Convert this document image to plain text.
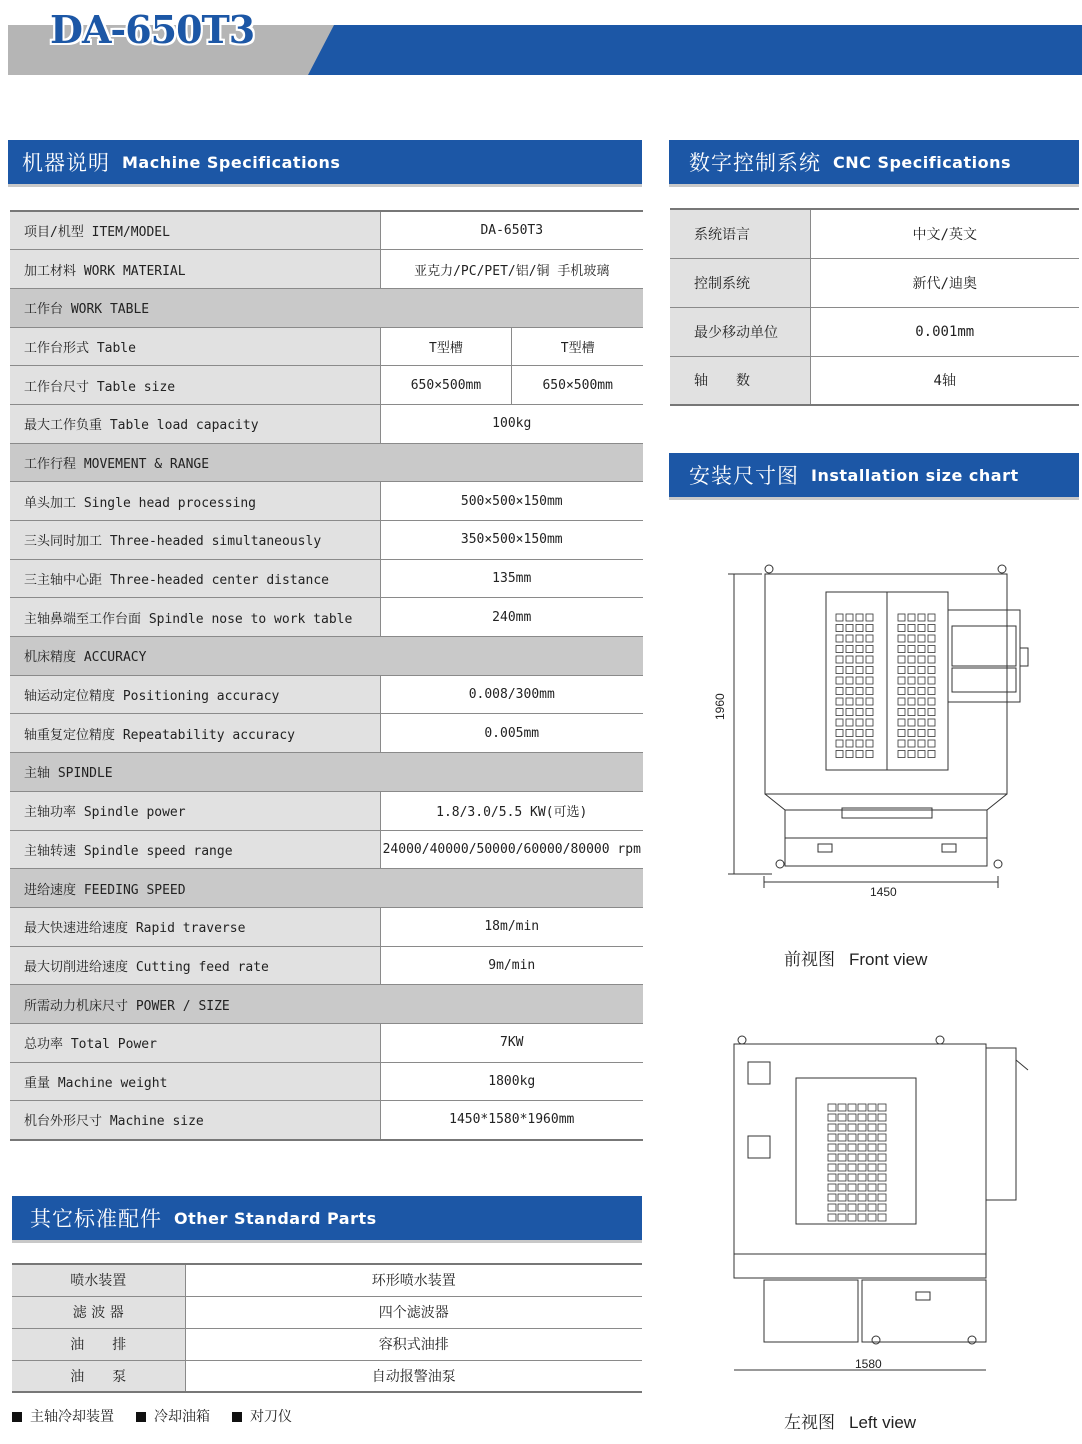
DA-650T3
机器说明 Machine Specifications
项目/机型 ITEM/MODEL	DA-650T3	
加工材料 WORK MATERIAL	亚克力/PC/PET/铝/铜 手机玻璃	
工作台 WORK TABLE		
工作台形式 Table	T型槽	T型槽
工作台尺寸 Table size	650×500mm	650×500mm
最大工作负重 Table load capacity	100kg	
工作行程 MOVEMENT & RANGE		
单头加工 Single head processing	500×500×150mm	
三头同时加工 Three-headed simultaneously	350×500×150mm	
三主轴中心距 Three-headed center distance	135mm	
主轴鼻端至工作台面 Spindle nose to work table	240mm	
机床精度 ACCURACY		
轴运动定位精度 Positioning accuracy	0.008/300mm	
轴重复定位精度 Repeatability accuracy	0.005mm	
主轴 SPINDLE		
主轴功率 Spindle power	1.8/3.0/5.5 KW(可选)	
主轴转速 Spindle speed range	24000/40000/50000/60000/80000 rpm	
进给速度 FEEDING SPEED		
最大快速进给速度 Rapid traverse	18m/min	
最大切削进给速度 Cutting feed rate	9m/min	
所需动力机床尺寸 POWER / SIZE		
总功率 Total Power	7KW	
重量 Machine weight	1800kg	
机台外形尺寸 Machine size	1450*1580*1960mm	
数字控制系统 CNC Specifications
系统语言	中文/英文
控制系统	新代/迪奥
最少移动单位	0.001mm
轴　　数	4轴
安装尺寸图 Installation size chart
1960
1450
前视图 Front view
1580
左视图 Left view
其它标准配件 Other Standard Parts
喷水装置	环形喷水装置
滤 波 器	四个滤波器
油　　排	容积式油排
油　　泵	自动报警油泵
主轴冷却装置	冷却油箱	对刀仪
